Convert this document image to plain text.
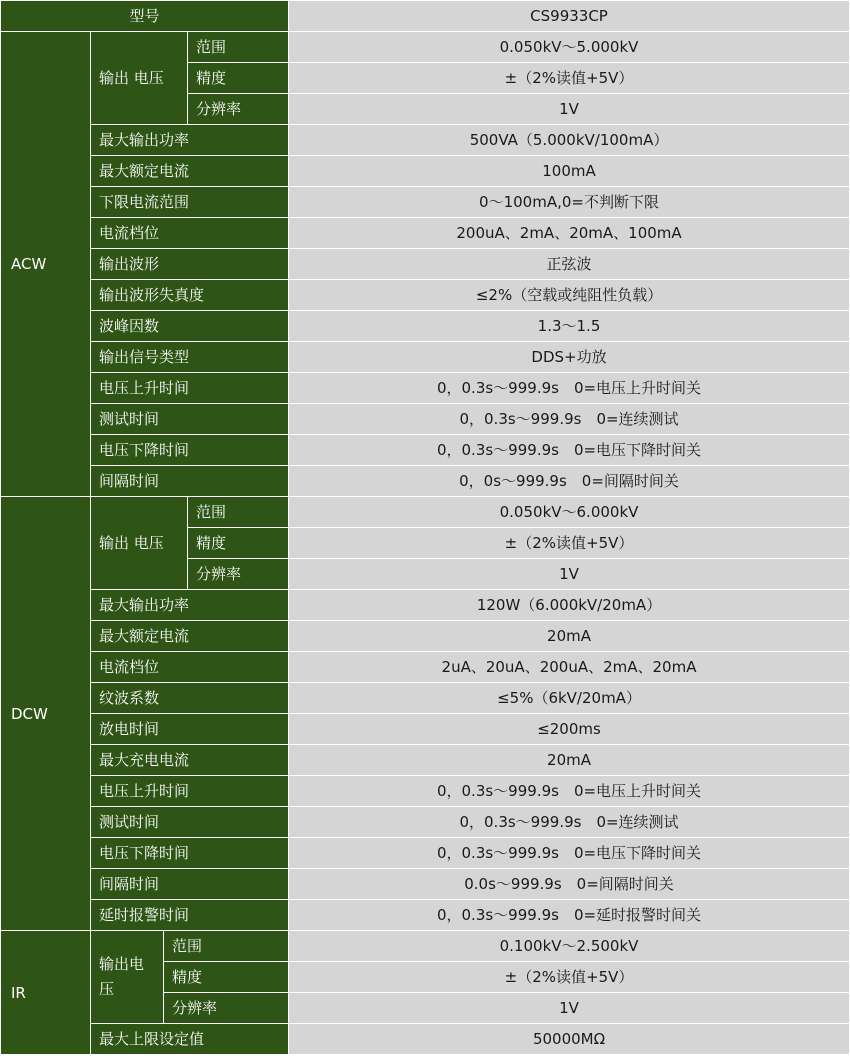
型号				CS9933CP
ACW	输出 电压		范围	0.050kV～5.000kV
			精度	±（2%读值+5V）
			分辨率	1V
	最大输出功率			500VA（5.000kV/100mA）
	最大额定电流			100mA
	下限电流范围			0～100mA,0=不判断下限
	电流档位			200uA、2mA、20mA、100mA
	输出波形			正弦波
	输出波形失真度			≤2%（空载或纯阻性负载）
	波峰因数			1.3～1.5
	输出信号类型			DDS+功放
	电压上升时间			0，0.3s～999.9s　0=电压上升时间关
	测试时间			0，0.3s～999.9s　0=连续测试
	电压下降时间			0，0.3s～999.9s　0=电压下降时间关
	间隔时间			0，0s～999.9s　0=间隔时间关
DCW	输出 电压		范围	0.050kV～6.000kV
			精度	±（2%读值+5V）
			分辨率	1V
	最大输出功率			120W（6.000kV/20mA）
	最大额定电流			20mA
	电流档位			2uA、20uA、200uA、2mA、20mA
	纹波系数			≤5%（6kV/20mA）
	放电时间			≤200ms
	最大充电电流			20mA
	电压上升时间			0，0.3s～999.9s　0=电压上升时间关
	测试时间			0，0.3s～999.9s　0=连续测试
	电压下降时间			0，0.3s～999.9s　0=电压下降时间关
	间隔时间			0.0s～999.9s　0=间隔时间关
	延时报警时间			0，0.3s～999.9s　0=延时报警时间关
IR	输出电 压	范围		0.100kV～2.500kV
		精度		±（2%读值+5V）
		分辨率		1V
	最大上限设定值			50000MΩ
